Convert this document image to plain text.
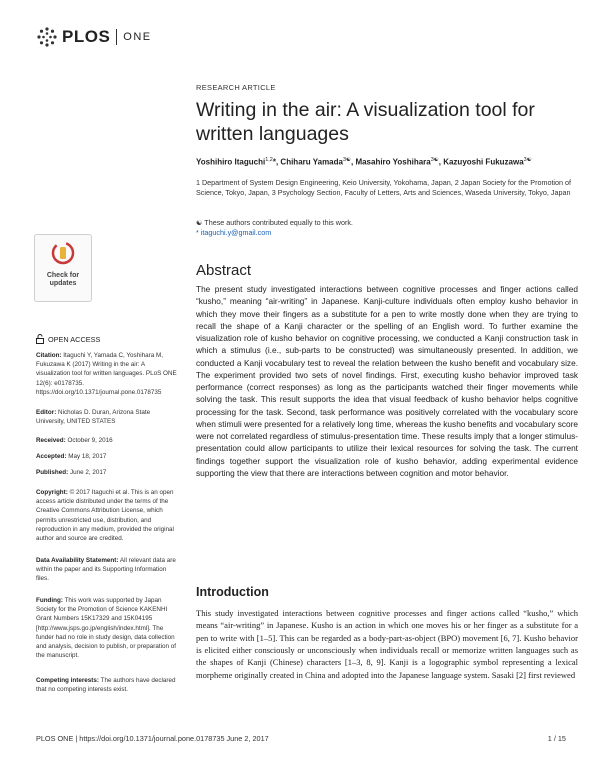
PLOS ONE
RESEARCH ARTICLE
Writing in the air: A visualization tool for written languages
Yoshihiro Itaguchi$^{1,2}$*, Chiharu Yamada$^{3☯}$, Masahiro Yoshihara$^{3☯}$, Kazuyoshi Fukuzawa$^{3☯}$
1 Department of System Design Engineering, Keio University, Yokohama, Japan, 2 Japan Society for the Promotion of Science, Tokyo, Japan, 3 Psychology Section, Faculty of Letters, Arts and Sciences, Waseda University, Tokyo, Japan
☯ These authors contributed equally to this work.
* itaguchi.y@gmail.com
Abstract
The present study investigated interactions between cognitive processes and finger actions called “kusho,” meaning “air-writing” in Japanese. Kanji-culture individuals often employ kusho behavior in which they move their fingers as a substitute for a pen to write mostly done when they are trying to recall the shape of a Kanji character or the spelling of an English word. To further examine the visualization role of kusho behavior on cognitive processing, we conducted a Kanji construction task in which a stimulus (i.e., sub-parts to be constructed) was simultaneously presented. In addition, we conducted a Kanji vocabulary test to reveal the relation between the kusho benefit and vocabulary size. The experiment provided two sets of novel findings. First, executing kusho behavior improved task performance (correct responses) as long as the participants watched their finger movements while solving the task. This result supports the idea that visual feedback of kusho behavior helps cognitive processing for the task. Second, task performance was positively correlated with the vocabulary score when stimuli were presented for a relatively long time, whereas the kusho benefits and vocabulary score were not correlated regardless of stimulus-presentation time. These results imply that a longer stimulus-presentation could allow participants to utilize their lexical resources for solving the task. The current findings together support the visualization role of kusho behavior, adding experimental evidence supporting the view that there are interactions between cognition and motor behavior.
Introduction
This study investigated interactions between cognitive processes and finger actions called “kusho,” which means “air-writing” in Japanese. Kusho is an action in which one moves his or her finger as a substitute for a pen to write with [1–5]. This can be regarded as a body-part-as-object (BPO) movement [6, 7]. Kusho behavior is elicited either consciously or unconsciously when individuals recall or memorize written languages such as the shapes of Kanji (Chinese) characters [1–3, 8, 9]. Kanji is a logographic symbol representing a lexical morpheme originally created in China and adopted into the Japanese language system. Sasaki [2] first reviewed
Check for updates
OPEN ACCESS
Citation: Itaguchi Y, Yamada C, Yoshihara M, Fukuzawa K (2017) Writing in the air: A visualization tool for written languages. PLoS ONE 12(6): e0178735. https://doi.org/10.1371/journal.pone.0178735
Editor: Nicholas D. Duran, Arizona State University, UNITED STATES
Received: October 9, 2016
Accepted: May 18, 2017
Published: June 2, 2017
Copyright: © 2017 Itaguchi et al. This is an open access article distributed under the terms of the Creative Commons Attribution License, which permits unrestricted use, distribution, and reproduction in any medium, provided the original author and source are credited.
Data Availability Statement: All relevant data are within the paper and its Supporting Information files.
Funding: This work was supported by Japan Society for the Promotion of Science KAKENHI Grant Numbers 15K17329 and 15K04195 [http://www.jsps.go.jp/english/index.html]. The funder had no role in study design, data collection and analysis, decision to publish, or preparation of the manuscript.
Competing interests: The authors have declared that no competing interests exist.
PLOS ONE | https://doi.org/10.1371/journal.pone.0178735 June 2, 2017	1 / 15
